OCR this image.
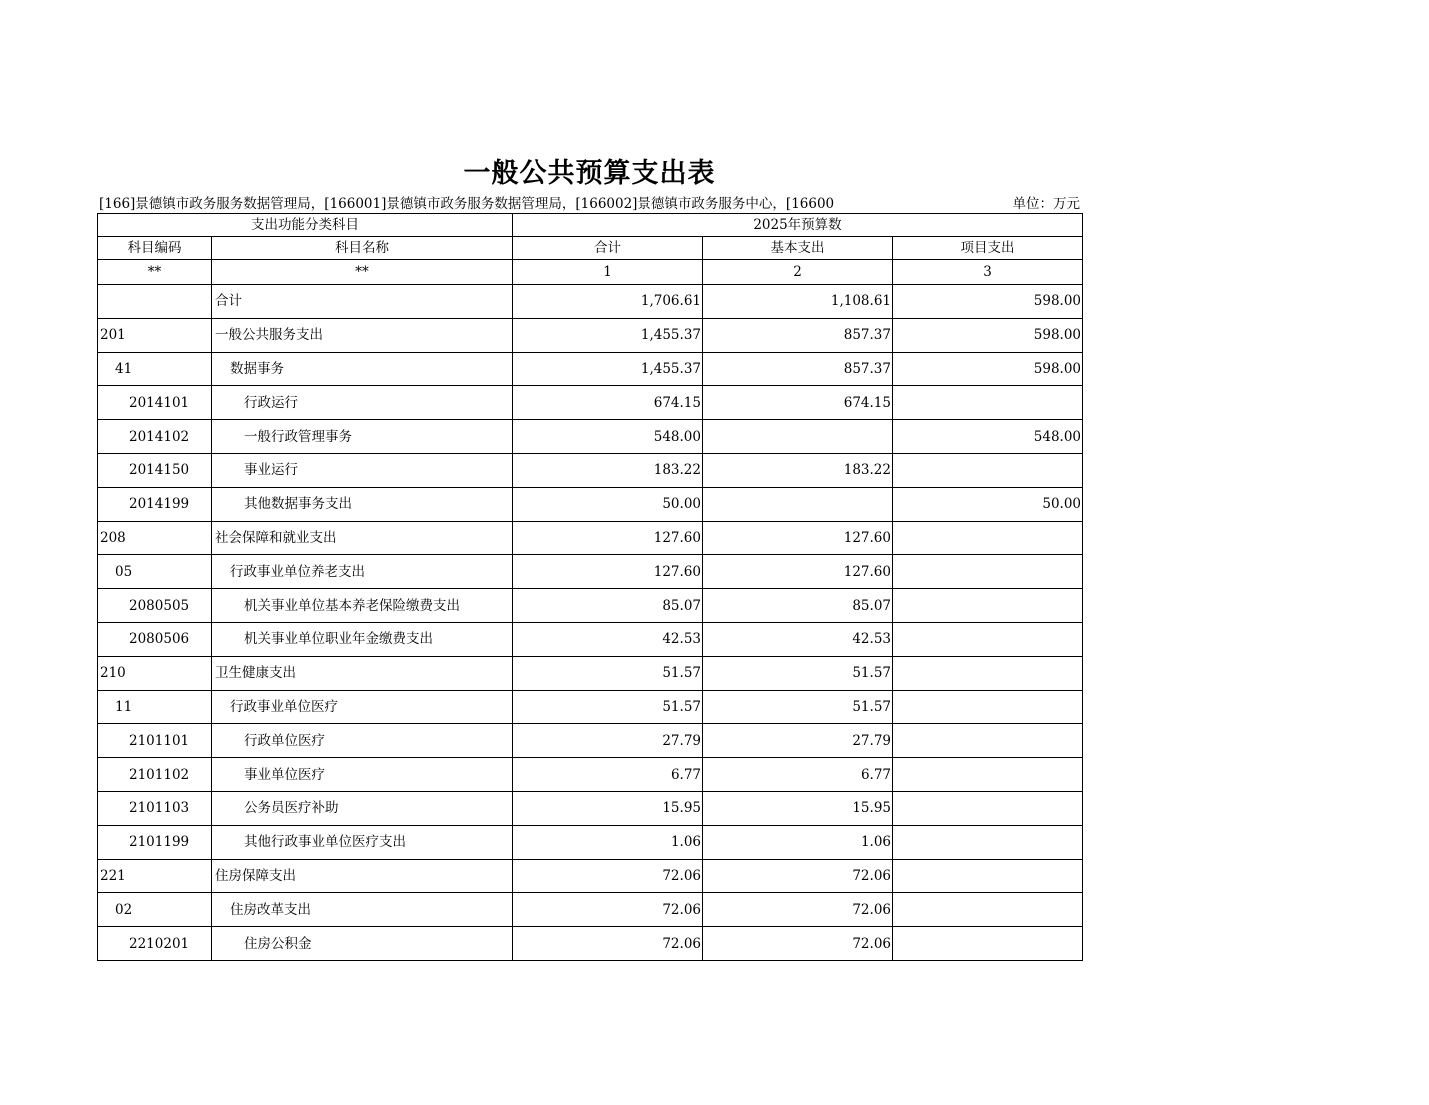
一般公共预算支出表
[166]景德镇市政务服务数据管理局，[166001]景德镇市政务服务数据管理局，[166002]景德镇市政务服务中心，[16600	单位：万元
支出功能分类科目		2025年预算数		
科目编码	科目名称	合计	基本支出	项目支出
**	**	1	2	3
	合计	1,706.61	1,108.61	598.00
201	一般公共服务支出	1,455.37	857.37	598.00
41	数据事务	1,455.37	857.37	598.00
2014101	行政运行	674.15	674.15	
2014102	一般行政管理事务	548.00		548.00
2014150	事业运行	183.22	183.22	
2014199	其他数据事务支出	50.00		50.00
208	社会保障和就业支出	127.60	127.60	
05	行政事业单位养老支出	127.60	127.60	
2080505	机关事业单位基本养老保险缴费支出	85.07	85.07	
2080506	机关事业单位职业年金缴费支出	42.53	42.53	
210	卫生健康支出	51.57	51.57	
11	行政事业单位医疗	51.57	51.57	
2101101	行政单位医疗	27.79	27.79	
2101102	事业单位医疗	6.77	6.77	
2101103	公务员医疗补助	15.95	15.95	
2101199	其他行政事业单位医疗支出	1.06	1.06	
221	住房保障支出	72.06	72.06	
02	住房改革支出	72.06	72.06	
2210201	住房公积金	72.06	72.06	
